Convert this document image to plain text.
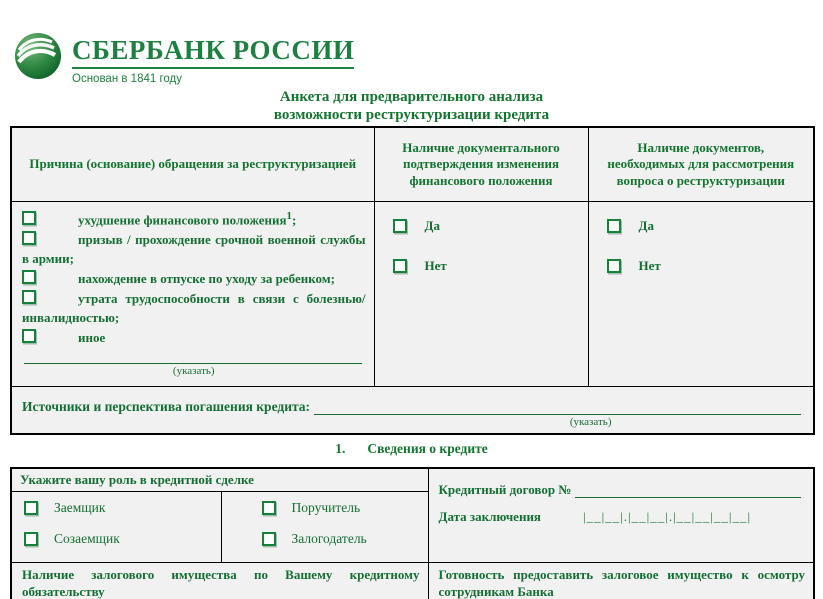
СБЕРБАНК РОССИИ
Основан в 1841 году
Анкета для предварительного анализа
возможности реструктуризации кредита
Причина (основание) обращения за реструктуризацией	Наличие документального подтверждения изменения финансового положения	Наличие документов, необходимых для рассмотрения вопроса о реструктуризации

ухудшение финансового положения$^1$;
призыв / прохождение срочной военной службы в армии;
нахождение в отпуске по уходу за ребенком;
утрата трудоспособности в связи с болезнью/инвалидностью;
иное
(указать)

Да
Нет

Да
Нет

Источники и перспектива погашения кредита:
(указать)		
1. Сведения о кредите
Укажите вашу роль в кредитной сделке		Кредитный договор №
Дата заключения |__|__|.|__|__|.|__|__|__|__|	

Заемщик
Созаемщик

Поручитель
Залогодатель

Наличие залогового имущества по Вашему кредитному обязательству		Готовность предоставить залоговое имущество к осмотру сотрудникам Банка	
